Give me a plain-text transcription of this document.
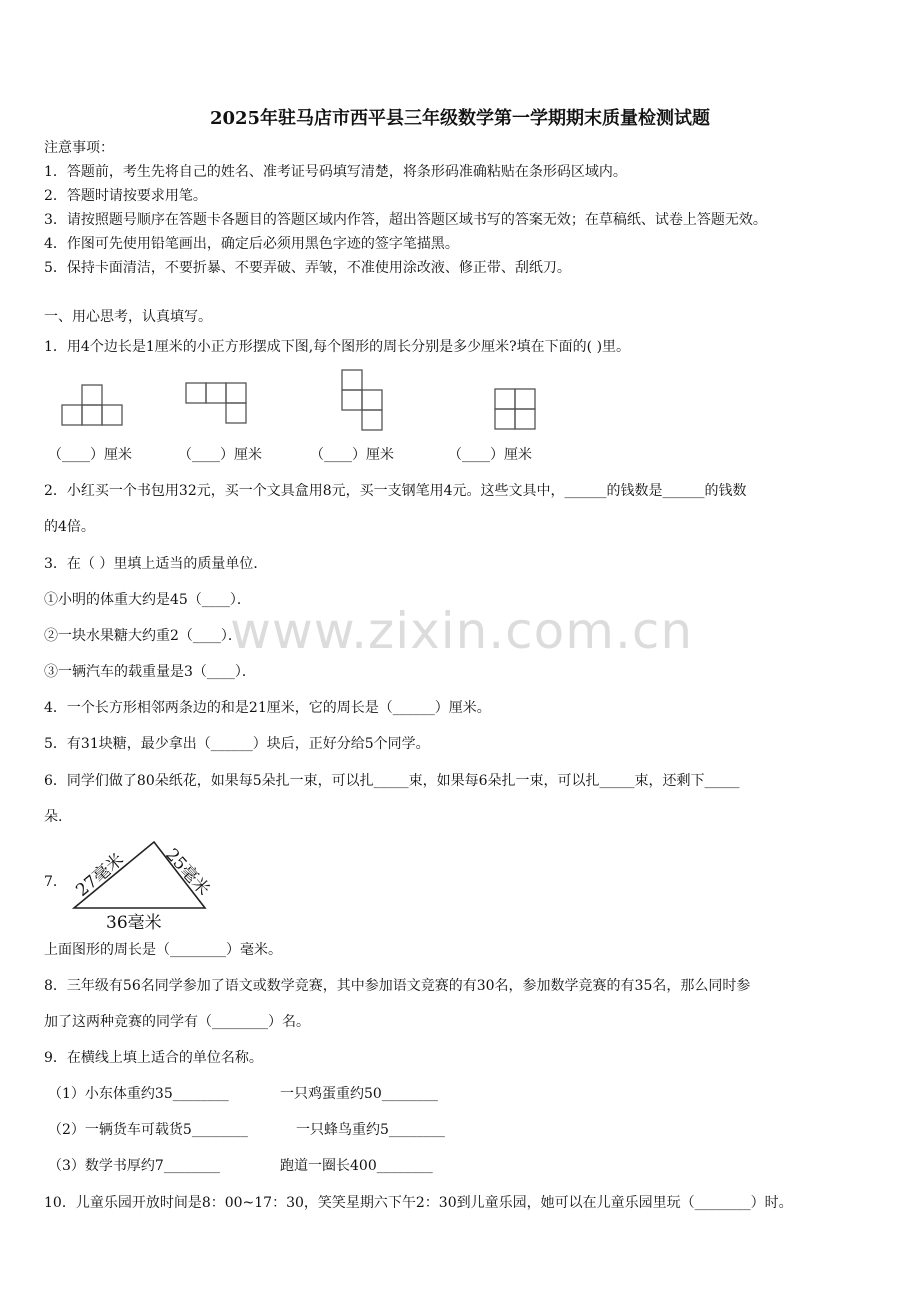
www.zixin.com.cn
2025年驻马店市西平县三年级数学第一学期期末质量检测试题
注意事项：
1．答题前，考生先将自己的姓名、准考证号码填写清楚，将条形码准确粘贴在条形码区域内。
2．答题时请按要求用笔。
3．请按照题号顺序在答题卡各题目的答题区域内作答，超出答题区域书写的答案无效；在草稿纸、试卷上答题无效。
4．作图可先使用铅笔画出，确定后必须用黑色字迹的签字笔描黑。
5．保持卡面清洁，不要折暴、不要弄破、弄皱，不准使用涂改液、修正带、刮纸刀。
一、用心思考，认真填写。
1．用4个边长是1厘米的小正方形摆成下图,每个图形的周长分别是多少厘米?填在下面的( )里。
（____）厘米	（____）厘米	（____）厘米	（____）厘米
2．小红买一个书包用32元，买一个文具盒用8元，买一支钢笔用4元。这些文具中，______的钱数是______的钱数
的4倍。
3．在（ ）里填上适当的质量单位．
①小明的体重大约是45（____）．
②一块水果糖大约重2（____）．
③一辆汽车的载重量是3（____）．
4．一个长方形相邻两条边的和是21厘米，它的周长是（______）厘米。
5．有31块糖，最少拿出（______）块后，正好分给5个同学。
6．同学们做了80朵纸花，如果每5朵扎一束，可以扎_____束，如果每6朵扎一束，可以扎_____束，还剩下_____
朵.
7． 27毫米 25毫米
36毫米
上面图形的周长是（________）毫米。
8．三年级有56名同学参加了语文或数学竞赛，其中参加语文竞赛的有30名，参加数学竞赛的有35名，那么同时参
加了这两种竞赛的同学有（________）名。
9．在横线上填上适合的单位名称。
（1）小东体重约35________	一只鸡蛋重约50________
（2）一辆货车可载货5________	一只蜂鸟重约5________
（3）数学书厚约7________	跑道一圈长400________
10．儿童乐园开放时间是8：00~17：30，笑笑星期六下午2：30到儿童乐园，她可以在儿童乐园里玩（________）时。
